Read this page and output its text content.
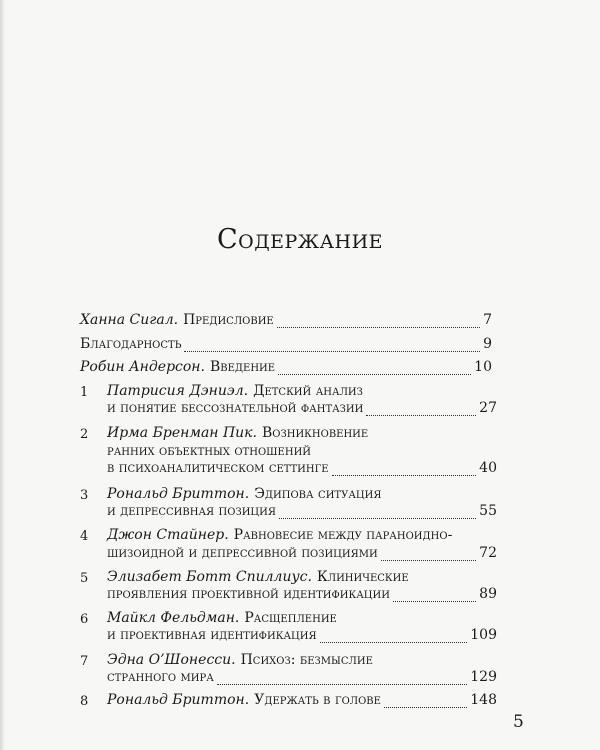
Содержание
Ханна Сигал. Предисловие	7
Благодарность	9
Робин Андерсон. Введение	10
1 Патрисия Дэниэл. Детский анализ
и понятие бессознательной фантазии	27
2 Ирма Бренман Пик. Возникновение
ранних объектных отношений
в психоаналитическом сеттинге	40
3 Рональд Бриттон. Эдипова ситуация
и депрессивная позиция	55
4 Джон Стайнер. Равновесие между параноидно-
шизоидной и депрессивной позициями	72
5 Элизабет Ботт Спиллиус. Клинические
проявления проективной идентификации	89
6 Майкл Фельдман. Расщепление
и проективная идентификация	109
7 Эдна О’Шонесси. Психоз: безмыслие
странного мира	129
8 Рональд Бриттон. Удержать в голове	148
5
